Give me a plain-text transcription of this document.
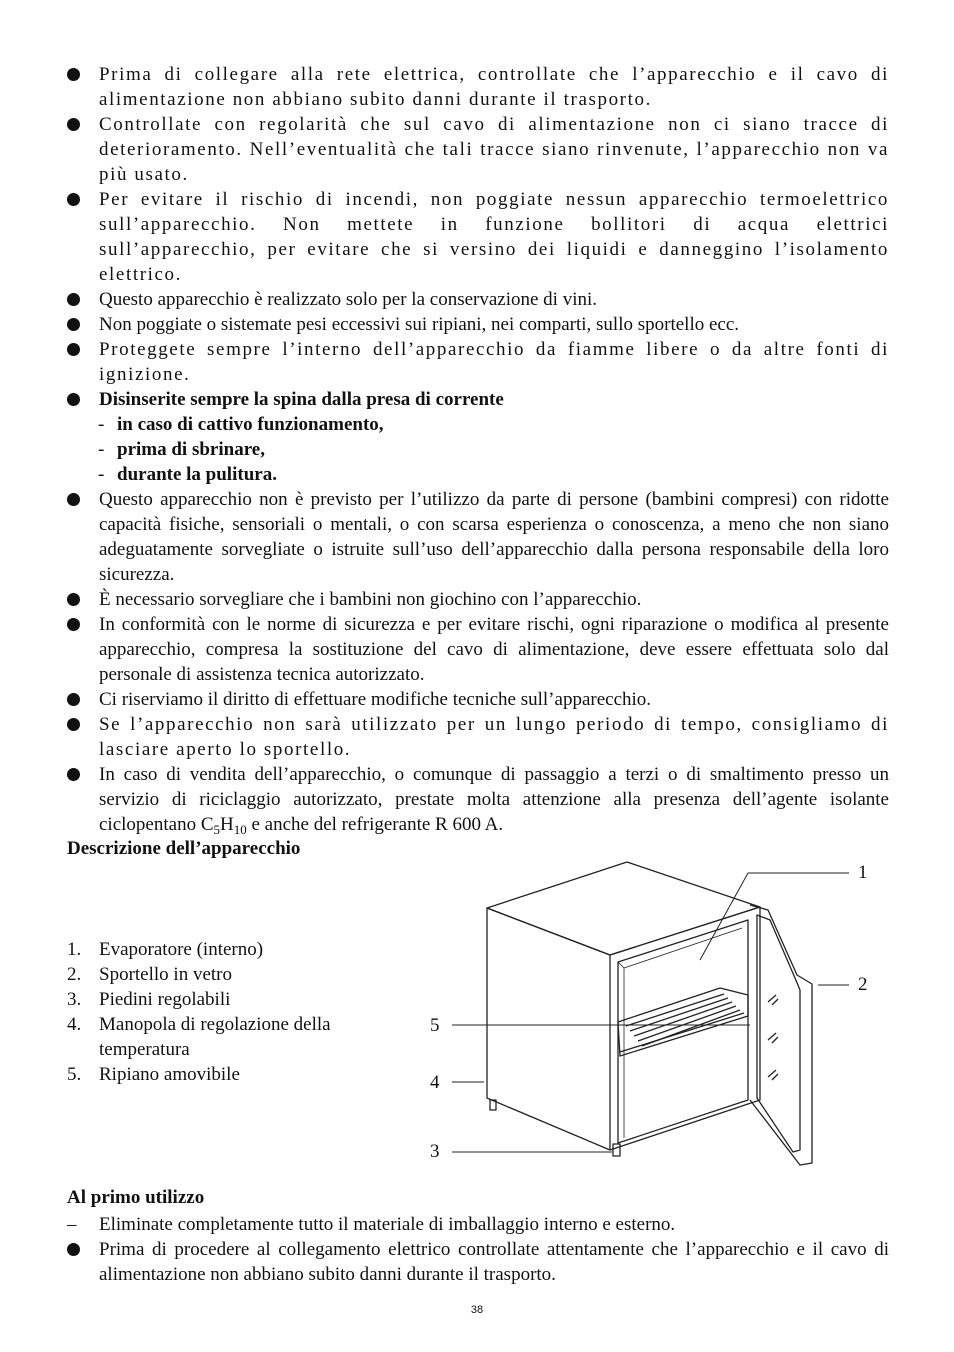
Prima di collegare alla rete elettrica, controllate che l’apparecchio e il cavo di alimentazione non abbiano subito danni durante il trasporto.
Controllate con regolarità che sul cavo di alimentazione non ci siano tracce di deterioramento. Nell’eventualità che tali tracce siano rinvenute, l’apparecchio non va più usato.
Per evitare il rischio di incendi, non poggiate nessun apparecchio termoelettrico sull’apparecchio. Non mettete in funzione bollitori di acqua elettrici sull’apparecchio, per evitare che si versino dei liquidi e danneggino l’isolamento elettrico.
Questo apparecchio è realizzato solo per la conservazione di vini.
Non poggiate o sistemate pesi eccessivi sui ripiani, nei comparti, sullo sportello ecc.
Proteggete sempre l’interno dell’apparecchio da fiamme libere o da altre fonti di ignizione.
Disinserite sempre la spina dalla presa di corrente
- in caso di cattivo funzionamento,
- prima di sbrinare,
- durante la pulitura.
Questo apparecchio non è previsto per l’utilizzo da parte di persone (bambini compresi) con ridotte capacità fisiche, sensoriali o mentali, o con scarsa esperienza o conoscenza, a meno che non siano adeguatamente sorvegliate o istruite sull’uso dell’apparecchio dalla persona responsabile della loro sicurezza.
È necessario sorvegliare che i bambini non giochino con l’apparecchio.
In conformità con le norme di sicurezza e per evitare rischi, ogni riparazione o modifica al presente apparecchio, compresa la sostituzione del cavo di alimentazione, deve essere effettuata solo dal personale di assistenza tecnica autorizzato.
Ci riserviamo il diritto di effettuare modifiche tecniche sull’apparecchio.
Se l’apparecchio non sarà utilizzato per un lungo periodo di tempo, consigliamo di lasciare aperto lo sportello.
In caso di vendita dell’apparecchio, o comunque di passaggio a terzi o di smaltimento presso un servizio di riciclaggio autorizzato, prestate molta attenzione alla presenza dell’agente isolante ciclopentano $C_5H_{10}$ e anche del refrigerante R 600 A.
Descrizione dell’apparecchio
1. Evaporatore (interno)
2. Sportello in vetro
3. Piedini regolabili
4. Manopola di regolazione della temperatura
5. Ripiano amovibile
1
2
3
4
5
Al primo utilizzo
– Eliminate completamente tutto il materiale di imballaggio interno e esterno.
Prima di procedere al collegamento elettrico controllate attentamente che l’apparecchio e il cavo di alimentazione non abbiano subito danni durante il trasporto.
38
